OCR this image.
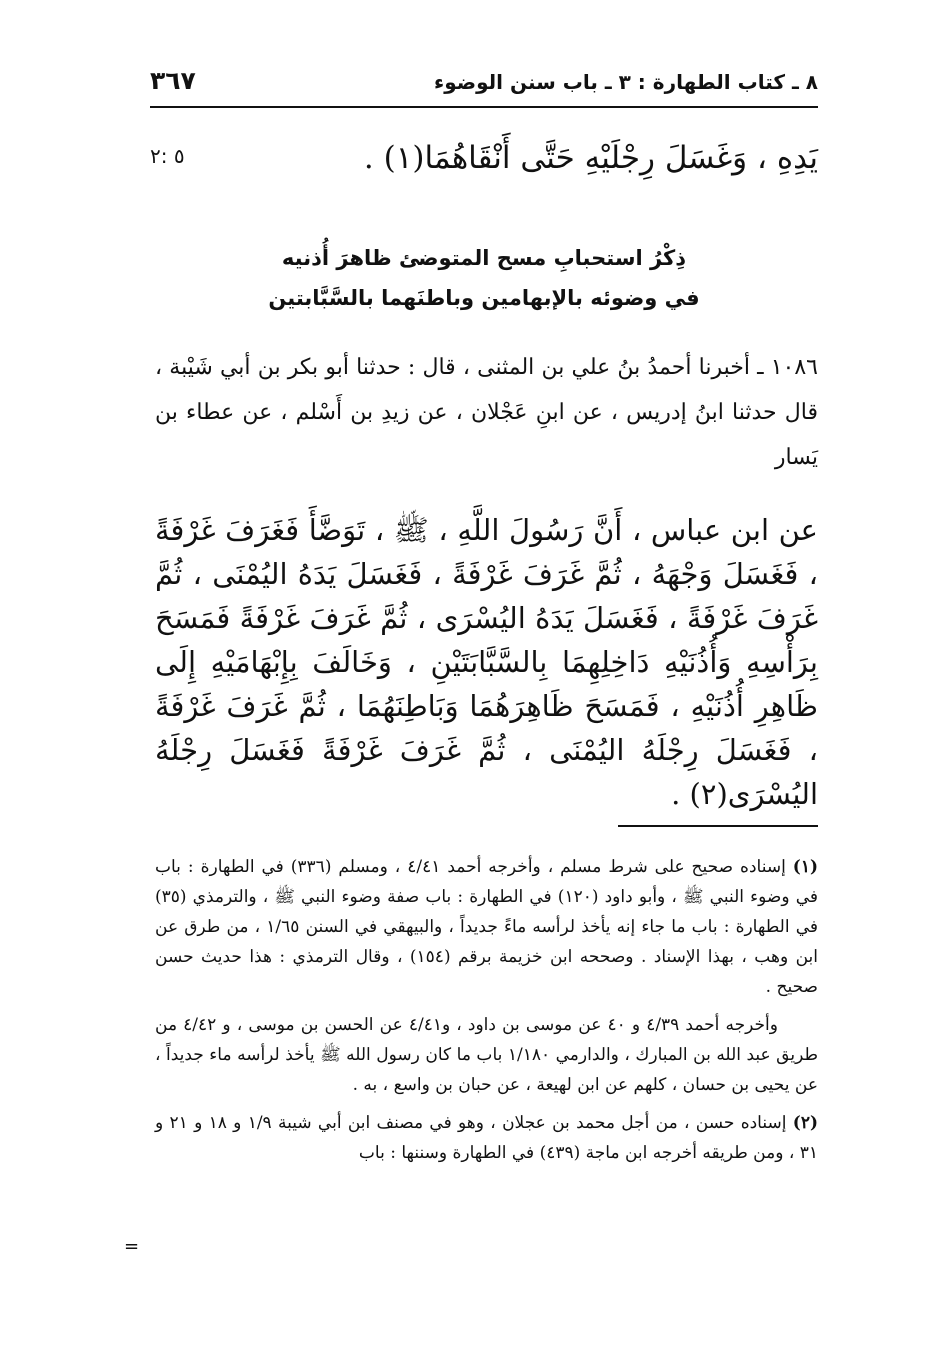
٨ ـ كتاب الطهارة : ٣ ـ باب سنن الوضوء
٣٦٧
يَدِهِ ، وَغَسَلَ رِجْلَيْهِ حَتَّى أَنْقَاهُمَا(١) .
٥ :٢
ذِكْرُ استحبابِ مسح المتوضئ ظاهرَ أُذنيه
في وضوئه بالإبهامين وباطنَهما بالسَّبَّابتين
١٠٨٦ ـ أخبرنا أحمدُ بنُ علي بن المثنى ، قال : حدثنا أبو بكر بن أبي شَيْبة ، قال حدثنا ابنُ إدريس ، عن ابنِ عَجْلان ، عن زيدِ بن أَسْلم ، عن عطاء بن يَسار
عن ابن عباس ، أَنَّ رَسُولَ اللَّهِ ، ﷺ ، تَوَضَّأَ فَغَرَفَ غَرْفَةً ، فَغَسَلَ وَجْهَهُ ، ثُمَّ غَرَفَ غَرْفَةً ، فَغَسَلَ يَدَهُ اليُمْنَى ، ثُمَّ غَرَفَ غَرْفَةً ، فَغَسَلَ يَدَهُ اليُسْرَى ، ثُمَّ غَرَفَ غَرْفَةً فَمَسَحَ بِرَأْسِهِ وَأُذُنَيْهِ دَاخِلِهِمَا بِالسَّبَّابَتَيْنِ ، وَخَالَفَ بِإِبْهَامَيْهِ إِلَى ظَاهِرِ أُذُنَيْهِ ، فَمَسَحَ ظَاهِرَهُمَا وَبَاطِنَهُمَا ، ثُمَّ غَرَفَ غَرْفَةً ، فَغَسَلَ رِجْلَهُ اليُمْنَى ، ثُمَّ غَرَفَ غَرْفَةً فَغَسَلَ رِجْلَهُ اليُسْرَى(٢) .

(١) إسناده صحيح على شرط مسلم ، وأخرجه أحمد ٤/٤١ ، ومسلم (٣٣٦) في الطهارة : باب في وضوء النبي ﷺ ، وأبو داود (١٢٠) في الطهارة : باب صفة وضوء النبي ﷺ ، والترمذي (٣٥) في الطهارة : باب ما جاء إنه يأخذ لرأسه ماءً جديداً ، والبيهقي في السنن ١/٦٥ ، من طرق عن ابن وهب ، بهذا الإسناد . وصححه ابن خزيمة برقم (١٥٤) ، وقال الترمذي : هذا حديث حسن صحيح .

وأخرجه أحمد ٤/٣٩ و ٤٠ عن موسى بن داود ، و٤/٤١ عن الحسن بن موسى ، و ٤/٤٢ من طريق عبد الله بن المبارك ، والدارمي ١/١٨٠ باب ما كان رسول الله ﷺ يأخذ لرأسه ماء جديداً ، عن يحيى بن حسان ، كلهم عن ابن لهيعة ، عن حبان بن واسع ، به .

(٢) إسناده حسن ، من أجل محمد بن عجلان ، وهو في مصنف ابن أبي شيبة ١/٩ و ١٨ و ٢١ و ٣١ ، ومن طريقه أخرجه ابن ماجة (٤٣٩) في الطهارة وسننها : باب

=
